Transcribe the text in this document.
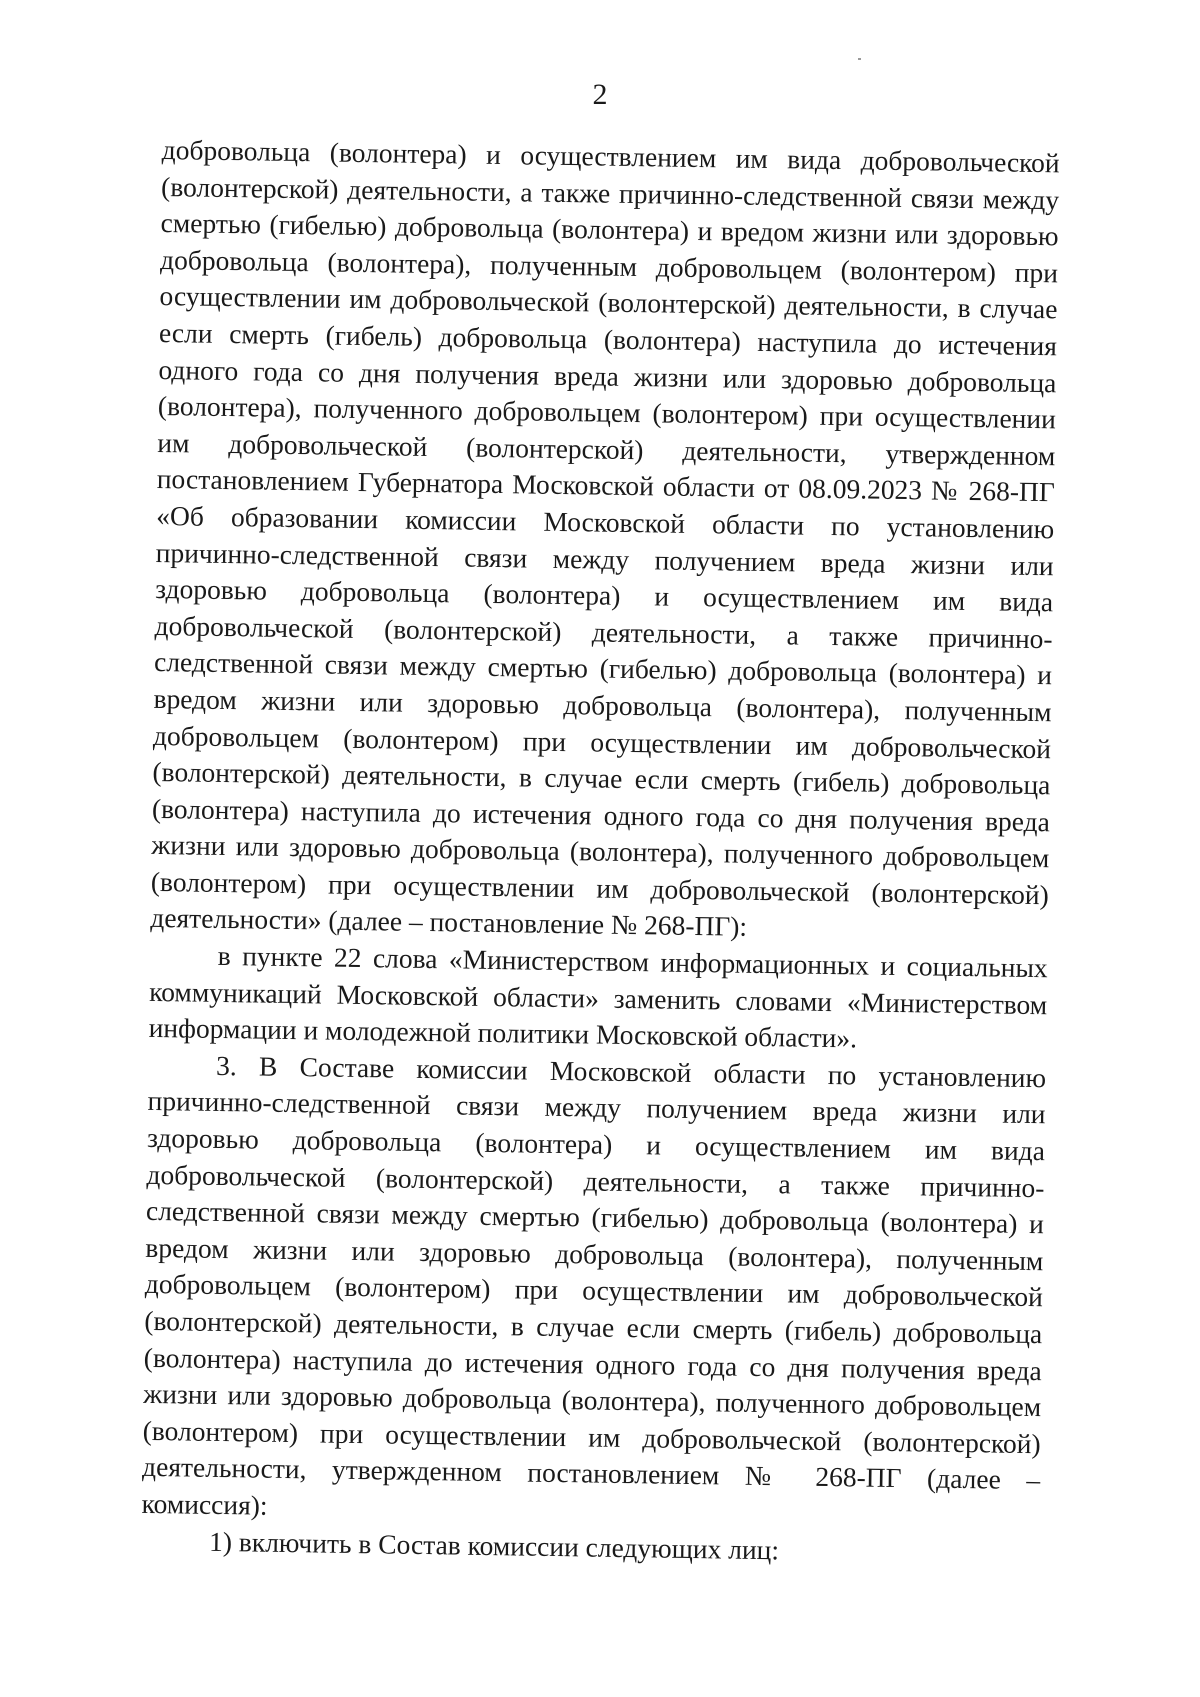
2

добровольца (волонтера) и осуществлением им вида добровольческой (волонтерской) деятельности, а также причинно-следственной связи между смертью (гибелью) добровольца (волонтера) и вредом жизни или здоровью добровольца (волонтера), полученным добровольцем (волонтером) при осуществлении им добровольческой (волонтерской) деятельности, в случае если смерть (гибель) добровольца (волонтера) наступила до истечения одного года со дня получения вреда жизни или здоровью добровольца (волонтера), полученного добровольцем (волонтером) при осуществлении им добровольческой (волонтерской) деятельности, утвержденном постановлением Губернатора Московской области от 08.09.2023 № 268-ПГ «Об образовании комиссии Московской области по установлению причинно-следственной связи между получением вреда жизни или здоровью добровольца (волонтера) и осуществлением им вида добровольческой (волонтерской) деятельности, а также причинно-следственной связи между смертью (гибелью) добровольца (волонтера) и вредом жизни или здоровью добровольца (волонтера), полученным добровольцем (волонтером) при осуществлении им добровольческой (волонтерской) деятельности, в случае если смерть (гибель) добровольца (волонтера) наступила до истечения одного года со дня получения вреда жизни или здоровью добровольца (волонтера), полученного добровольцем (волонтером) при осуществлении им добровольческой (волонтерской) деятельности» (далее – постановление № 268-ПГ):

в пункте 22 слова «Министерством информационных и социальных коммуникаций Московской области» заменить словами «Министерством информации и молодежной политики Московской области».

3. В Составе комиссии Московской области по установлению причинно-следственной связи между получением вреда жизни или здоровью добровольца (волонтера) и осуществлением им вида добровольческой (волонтерской) деятельности, а также причинно-следственной связи между смертью (гибелью) добровольца (волонтера) и вредом жизни или здоровью добровольца (волонтера), полученным добровольцем (волонтером) при осуществлении им добровольческой (волонтерской) деятельности, в случае если смерть (гибель) добровольца (волонтера) наступила до истечения одного года со дня получения вреда жизни или здоровью добровольца (волонтера), полученного добровольцем (волонтером) при осуществлении им добровольческой (волонтерской) деятельности, утвержденном постановлением № 268-ПГ (далее – комиссия):

1) включить в Состав комиссии следующих лиц:
